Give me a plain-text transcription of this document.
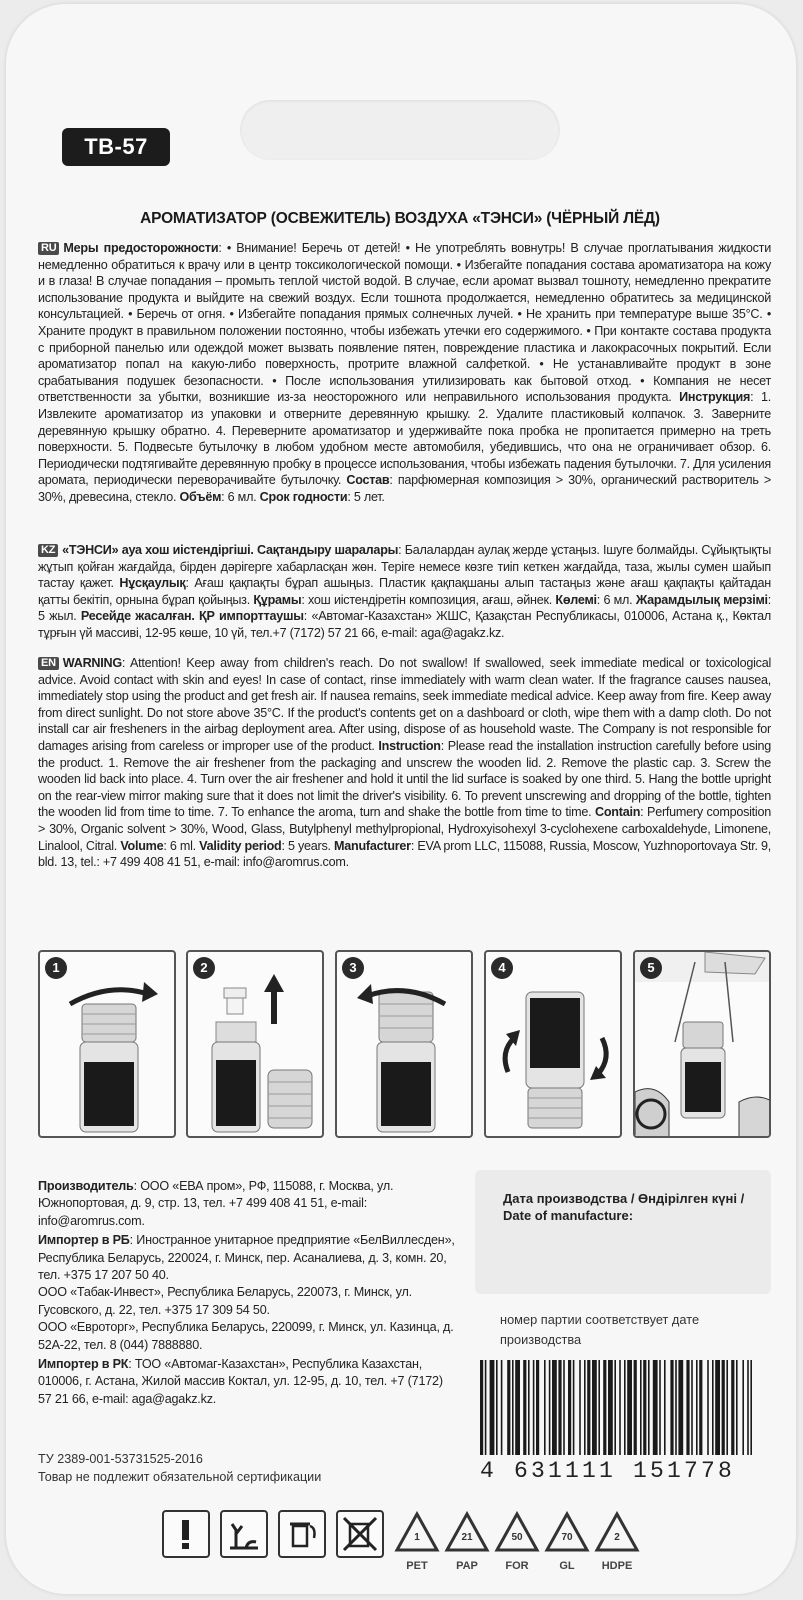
ТВ-57
АРОМАТИЗАТОР (ОСВЕЖИТЕЛЬ) ВОЗДУХА «ТЭНСИ» (ЧЁРНЫЙ ЛЁД)
RU Меры предосторожности: • Внимание! Беречь от детей! • Не употреблять вовнутрь! В случае проглатывания жидкости немедленно обратиться к врачу или в центр токсикологической помощи. • Избегайте попадания состава ароматизатора на кожу и в глаза! В случае попадания – промыть теплой чистой водой. В случае, если аромат вызвал тошноту, немедленно прекратите использование продукта и выйдите на свежий воздух. Если тошнота продолжается, немедленно обратитесь за медицинской консультацией. • Беречь от огня. • Избегайте попадания прямых солнечных лучей. • Не хранить при температуре выше 35°С. • Храните продукт в правильном положении постоянно, чтобы избежать утечки его содержимого. • При контакте состава продукта с приборной панелью или одеждой может вызвать появление пятен, повреждение пластика и лакокрасочных покрытий. Если ароматизатор попал на какую-либо поверхность, протрите влажной салфеткой. • Не устанавливайте продукт в зоне срабатывания подушек безопасности. • После использования утилизировать как бытовой отход. • Компания не несет ответственности за убытки, возникшие из-за неосторожного или неправильного использования продукта. Инструкция: 1. Извлеките ароматизатор из упаковки и отверните деревянную крышку. 2. Удалите пластиковый колпачок. 3. Заверните деревянную крышку обратно. 4. Переверните ароматизатор и удерживайте пока пробка не пропитается примерно на треть поверхности. 5. Подвесьте бутылочку в любом удобном месте автомобиля, убедившись, что она не ограничивает обзор. 6. Периодически подтягивайте деревянную пробку в процессе использования, чтобы избежать падения бутылочки. 7. Для усиления аромата, периодически переворачивайте бутылочку. Состав: парфюмерная композиция > 30%, органический растворитель > 30%, древесина, стекло. Объём: 6 мл. Срок годности: 5 лет.
KZ «ТЭНСИ» ауа хош иістендіргіші. Сақтандыру шаралары: Балалардан аулақ жерде ұстаңыз. Ішуге болмайды. Сұйықтықты жұтып қойған жағдайда, бірден дәрігерге хабарласқан жөн. Теріге немесе көзге тиіп кеткен жағдайда, таза, жылы сумен шайып тастау қажет. Нұсқаулық: Ағаш қақпақты бұрап ашыңыз. Пластик қақпақшаны алып тастаңыз және ағаш қақпақты қайтадан қатты бекітіп, орнына бұрап қойыңыз. Құрамы: хош иістендіретін композиция, ағаш, әйнек. Көлемі: 6 мл. Жарамдылық мерзімі: 5 жыл. Ресейде жасалған. ҚР импорттаушы: «Автомаг-Казахстан» ЖШС, Қазақстан Республикасы, 010006, Астана қ., Көктал тұрғын үй массиві, 12-95 көше, 10 үй, тел.+7 (7172) 57 21 66, e-mail: aga@agakz.kz.
EN WARNING: Attention! Keep away from children's reach. Do not swallow! If swallowed, seek immediate medical or toxicological advice. Avoid contact with skin and eyes! In case of contact, rinse immediately with warm clean water. If the fragrance causes nausea, immediately stop using the product and get fresh air. If nausea remains, seek immediate medical advice. Keep away from fire. Keep away from direct sunlight. Do not store above 35°C. If the product's contents get on a dashboard or cloth, wipe them with a damp cloth. Do not install car air fresheners in the airbag deployment area. After using, dispose of as household waste. The Company is not responsible for damages arising from careless or improper use of the product. Instruction: Please read the installation instruction carefully before using the product. 1. Remove the air freshener from the packaging and unscrew the wooden lid. 2. Remove the plastic cap. 3. Screw the wooden lid back into place. 4. Turn over the air freshener and hold it until the lid surface is soaked by one third. 5. Hang the bottle upright on the rear-view mirror making sure that it does not limit the driver's visibility. 6. To prevent unscrewing and dropping of the bottle, tighten the wooden lid from time to time. 7. To enhance the aroma, turn and shake the bottle from time to time. Contain: Perfumery composition > 30%, Organic solvent > 30%, Wood, Glass, Butylphenyl methylpropional, Hydroxyisohexyl 3-cyclohexene carboxaldehyde, Limonene, Linalool, Citral. Volume: 6 ml. Validity period: 5 years. Manufacturer: EVA prom LLC, 115088, Russia, Moscow, Yuzhnoportovaya Str. 9, bld. 13, tel.: +7 499 408 41 51, e-mail: info@aromrus.com.
1	2	3	4	5

Производитель: ООО «ЕВА пром», РФ, 115088, г. Москва, ул. Южнопортовая, д. 9, стр. 13, тел. +7 499 408 41 51, e-mail: info@aromrus.com.

Импортер в РБ: Иностранное унитарное предприятие «БелВиллесден», Республика Беларусь, 220024, г. Минск, пер. Асаналиева, д. 3, комн. 20, тел. +375 17 207 50 40.
ООО «Табак-Инвест», Республика Беларусь, 220073, г. Минск, ул. Гусовского, д. 22, тел. +375 17 309 54 50.
ООО «Евроторг», Республика Беларусь, 220099, г. Минск, ул. Казинца, д. 52А-22, тел. 8 (044) 7888880.

Импортер в РК: ТОО «Автомаг-Казахстан», Республика Казахстан, 010006, г. Астана, Жилой массив Коктал, ул. 12-95, д. 10, тел. +7 (7172) 57 21 66, e-mail: aga@agakz.kz.

Дата производства / Өндірілген күні / Date of manufacture:
номер партии соответствует дате производства
ТУ 2389-001-53731525-2016
Товар не подлежит обязательной сертификации	4 631111 151778
1
PET
21
PAP
50
FOR
70
GL
2
HDPE
